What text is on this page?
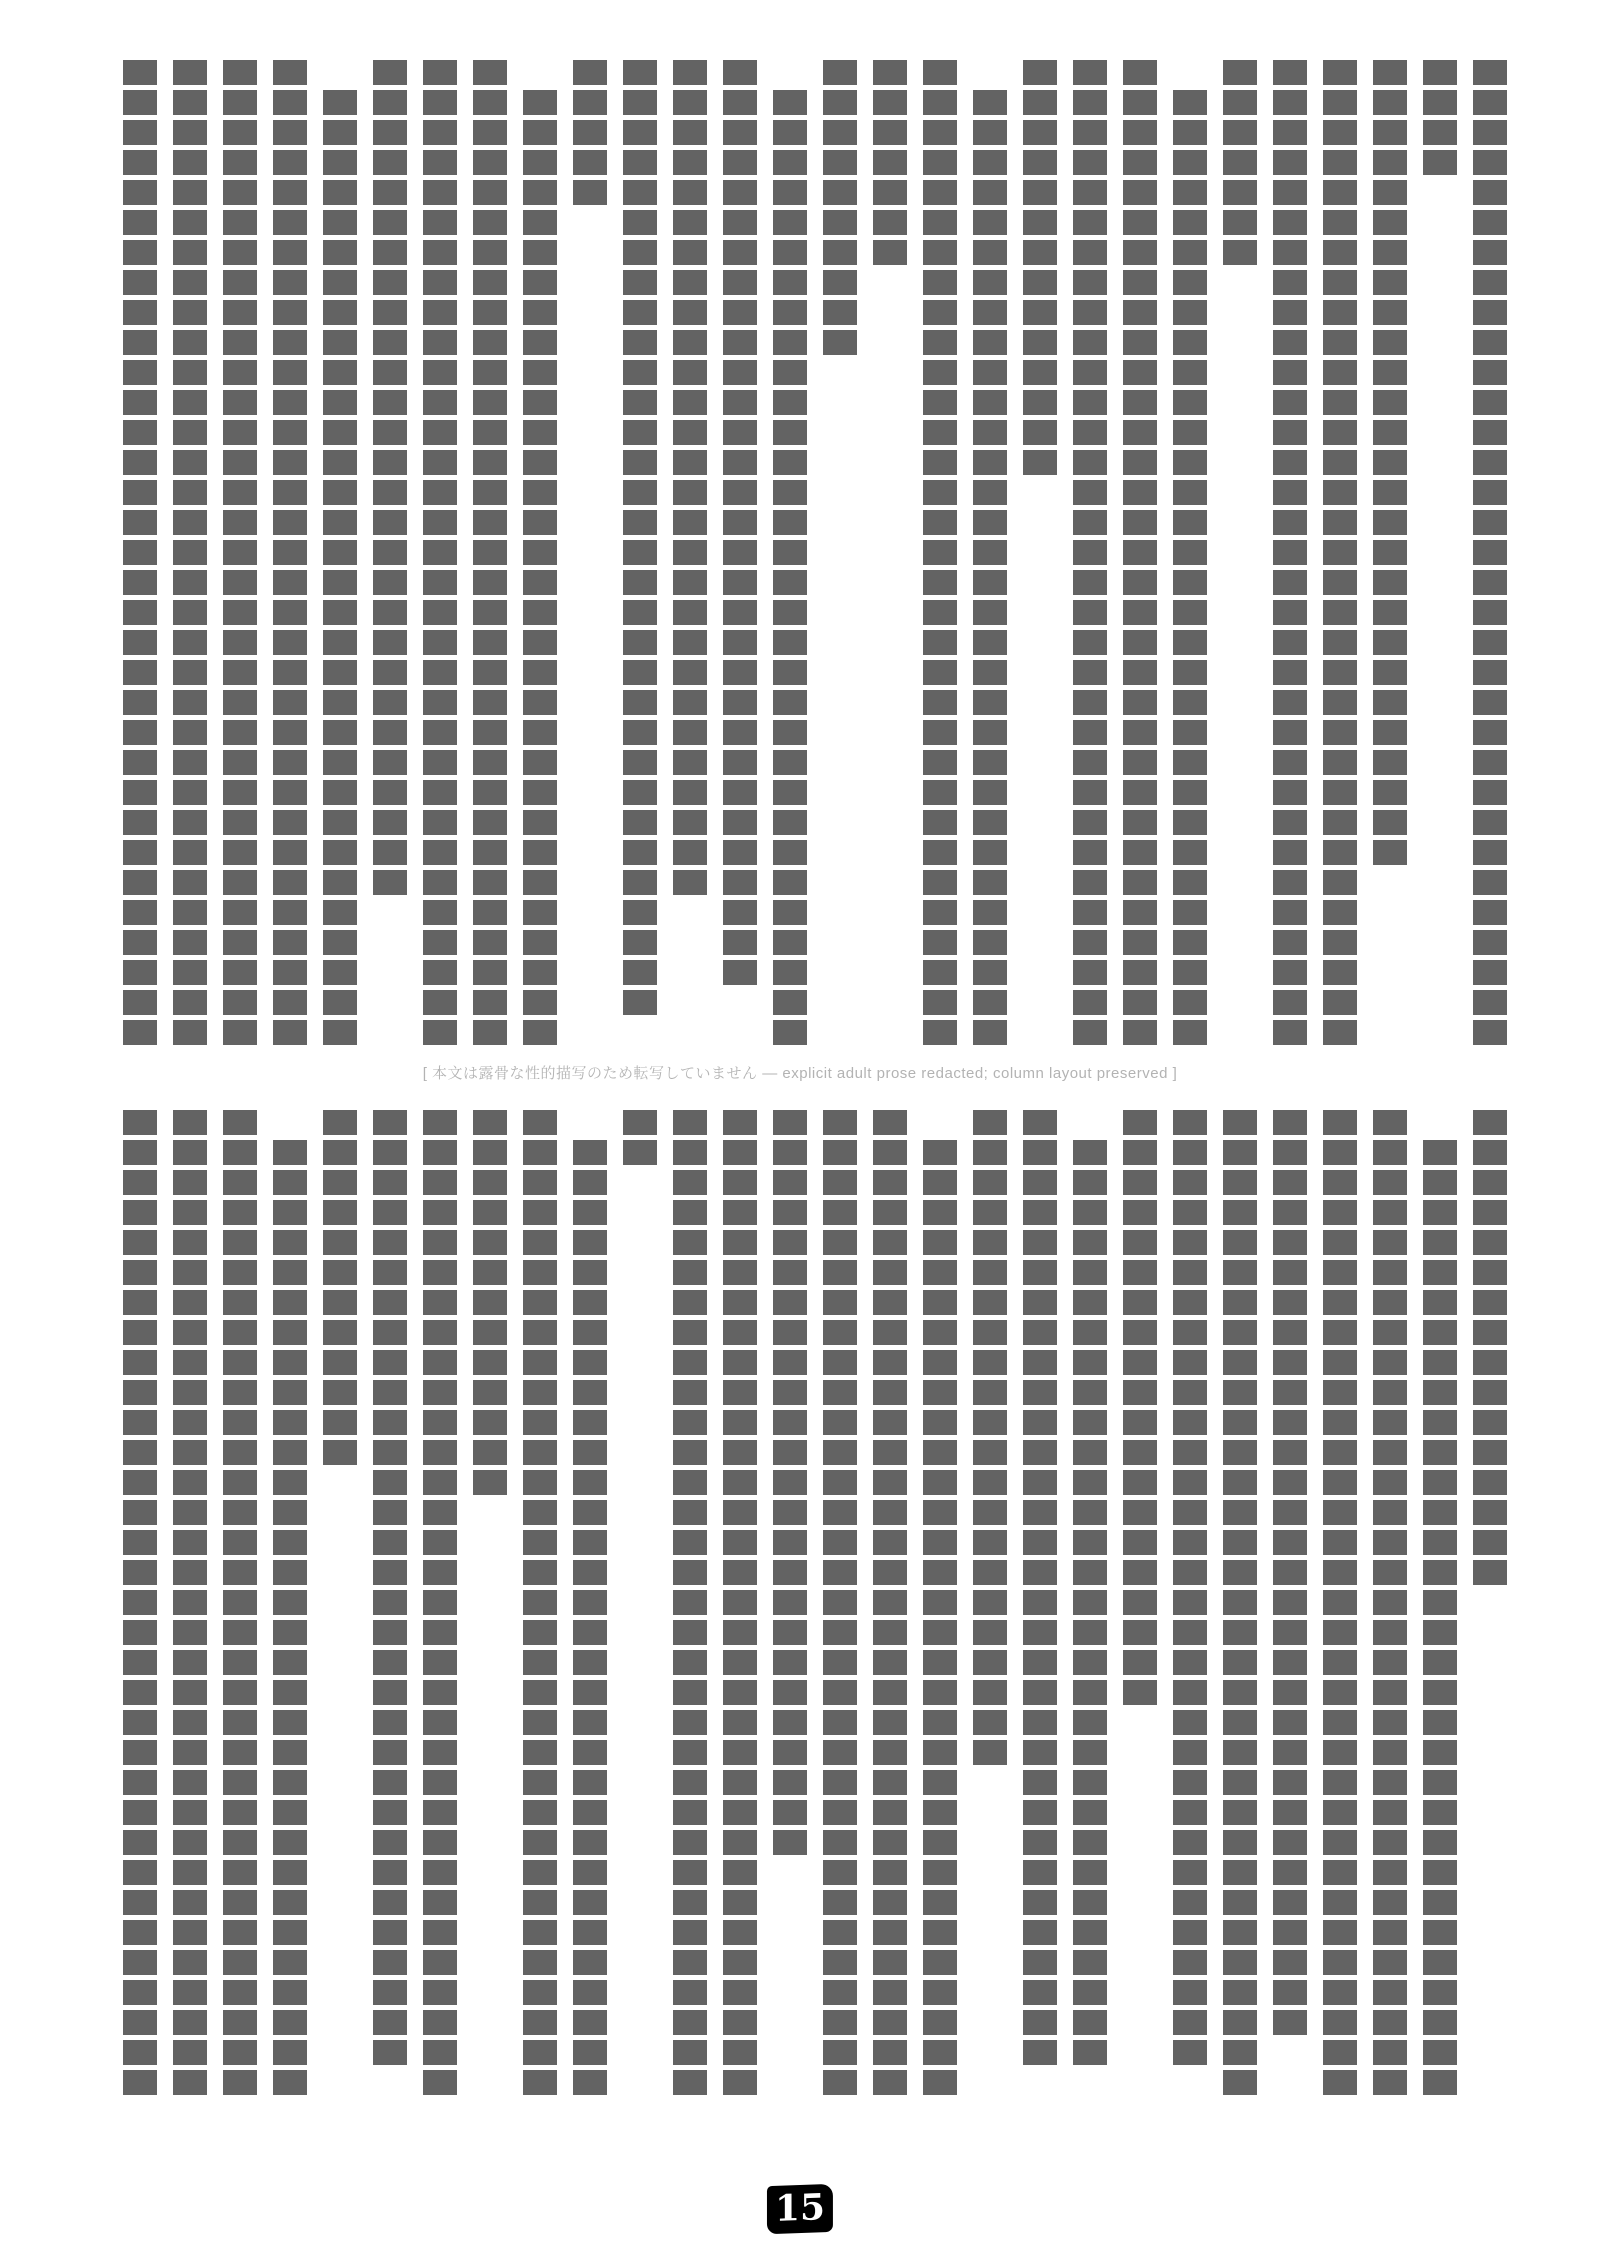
[ 本文は露骨な性的描写のため転写していません — explicit adult prose redacted; column layout preserved ]
15
